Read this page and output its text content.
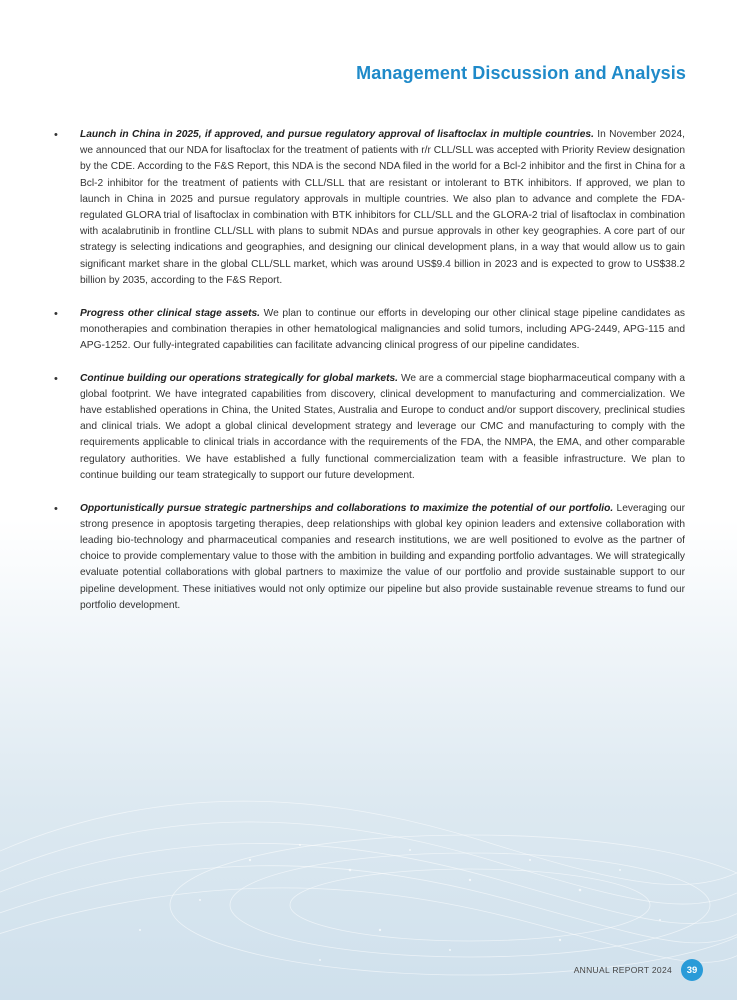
Management Discussion and Analysis
• Launch in China in 2025, if approved, and pursue regulatory approval of lisaftoclax in multiple countries. In November 2024, we announced that our NDA for lisaftoclax for the treatment of patients with r/r CLL/SLL was accepted with Priority Review designation by the CDE. According to the F&S Report, this NDA is the second NDA filed in the world for a Bcl-2 inhibitor and the first in China for a Bcl-2 inhibitor for the treatment of patients with CLL/SLL that are resistant or intolerant to BTK inhibitors. If approved, we plan to launch in China in 2025 and pursue regulatory approvals in multiple countries. We also plan to advance and complete the FDA-regulated GLORA trial of lisaftoclax in combination with BTK inhibitors for CLL/SLL and the GLORA-2 trial of lisaftoclax in combination with acalabrutinib in frontline CLL/SLL with plans to submit NDAs and pursue approvals in other key geographies. A core part of our strategy is selecting indications and geographies, and designing our clinical development plans, in a way that would allow us to gain significant market share in the global CLL/SLL market, which was around US$9.4 billion in 2023 and is expected to grow to US$38.2 billion by 2035, according to the F&S Report.

• Progress other clinical stage assets. We plan to continue our efforts in developing our other clinical stage pipeline candidates as monotherapies and combination therapies in other hematological malignancies and solid tumors, including APG-2449, APG-115 and APG-1252. Our fully-integrated capabilities can facilitate advancing clinical progress of our pipeline candidates.

• Continue building our operations strategically for global markets. We are a commercial stage biopharmaceutical company with a global footprint. We have integrated capabilities from discovery, clinical development to manufacturing and commercialization. We have established operations in China, the United States, Australia and Europe to conduct and/or support discovery, preclinical studies and clinical trials. We adopt a global clinical development strategy and leverage our CMC and manufacturing to comply with the requirements applicable to clinical trials in accordance with the requirements of the FDA, the NMPA, the EMA, and other comparable regulatory authorities. We have established a fully functional commercialization team with a feasible infrastructure. We plan to continue building our team strategically to support our future development.

• Opportunistically pursue strategic partnerships and collaborations to maximize the potential of our portfolio. Leveraging our strong presence in apoptosis targeting therapies, deep relationships with global key opinion leaders and extensive collaboration with leading bio-technology and pharmaceutical companies and research institutions, we are well positioned to evolve as the partner of choice to provide complementary value to those with the ambition in building and expanding portfolio advantages. We will strategically evaluate potential collaborations with global partners to maximize the value of our portfolio and provide sustainable support to our pipeline development. These initiatives would not only optimize our pipeline but also provide sustainable revenue streams to fund our portfolio development.

ANNUAL REPORT 2024	39
